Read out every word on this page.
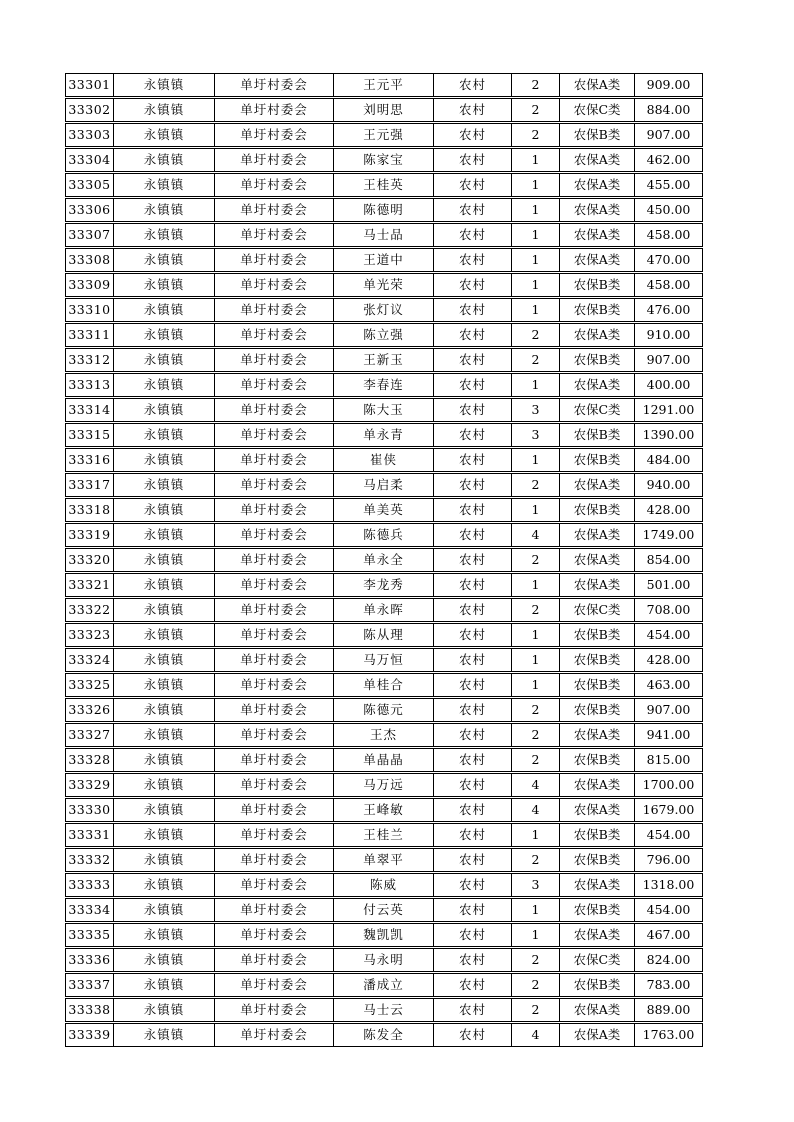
33301	永镇镇	单圩村委会	王元平	农村	2	农保A类	909.00
33302	永镇镇	单圩村委会	刘明思	农村	2	农保C类	884.00
33303	永镇镇	单圩村委会	王元强	农村	2	农保B类	907.00
33304	永镇镇	单圩村委会	陈家宝	农村	1	农保A类	462.00
33305	永镇镇	单圩村委会	王桂英	农村	1	农保A类	455.00
33306	永镇镇	单圩村委会	陈德明	农村	1	农保A类	450.00
33307	永镇镇	单圩村委会	马士品	农村	1	农保A类	458.00
33308	永镇镇	单圩村委会	王道中	农村	1	农保A类	470.00
33309	永镇镇	单圩村委会	单光荣	农村	1	农保B类	458.00
33310	永镇镇	单圩村委会	张灯议	农村	1	农保B类	476.00
33311	永镇镇	单圩村委会	陈立强	农村	2	农保A类	910.00
33312	永镇镇	单圩村委会	王新玉	农村	2	农保B类	907.00
33313	永镇镇	单圩村委会	李春连	农村	1	农保A类	400.00
33314	永镇镇	单圩村委会	陈大玉	农村	3	农保C类	1291.00
33315	永镇镇	单圩村委会	单永青	农村	3	农保B类	1390.00
33316	永镇镇	单圩村委会	崔侠	农村	1	农保B类	484.00
33317	永镇镇	单圩村委会	马启柔	农村	2	农保A类	940.00
33318	永镇镇	单圩村委会	单美英	农村	1	农保B类	428.00
33319	永镇镇	单圩村委会	陈德兵	农村	4	农保A类	1749.00
33320	永镇镇	单圩村委会	单永全	农村	2	农保A类	854.00
33321	永镇镇	单圩村委会	李龙秀	农村	1	农保A类	501.00
33322	永镇镇	单圩村委会	单永晖	农村	2	农保C类	708.00
33323	永镇镇	单圩村委会	陈从理	农村	1	农保B类	454.00
33324	永镇镇	单圩村委会	马万恒	农村	1	农保B类	428.00
33325	永镇镇	单圩村委会	单桂合	农村	1	农保B类	463.00
33326	永镇镇	单圩村委会	陈德元	农村	2	农保B类	907.00
33327	永镇镇	单圩村委会	王杰	农村	2	农保A类	941.00
33328	永镇镇	单圩村委会	单晶晶	农村	2	农保B类	815.00
33329	永镇镇	单圩村委会	马万远	农村	4	农保A类	1700.00
33330	永镇镇	单圩村委会	王峰敏	农村	4	农保A类	1679.00
33331	永镇镇	单圩村委会	王桂兰	农村	1	农保B类	454.00
33332	永镇镇	单圩村委会	单翠平	农村	2	农保B类	796.00
33333	永镇镇	单圩村委会	陈威	农村	3	农保A类	1318.00
33334	永镇镇	单圩村委会	付云英	农村	1	农保B类	454.00
33335	永镇镇	单圩村委会	魏凯凯	农村	1	农保A类	467.00
33336	永镇镇	单圩村委会	马永明	农村	2	农保C类	824.00
33337	永镇镇	单圩村委会	潘成立	农村	2	农保B类	783.00
33338	永镇镇	单圩村委会	马士云	农村	2	农保A类	889.00
33339	永镇镇	单圩村委会	陈发全	农村	4	农保A类	1763.00
